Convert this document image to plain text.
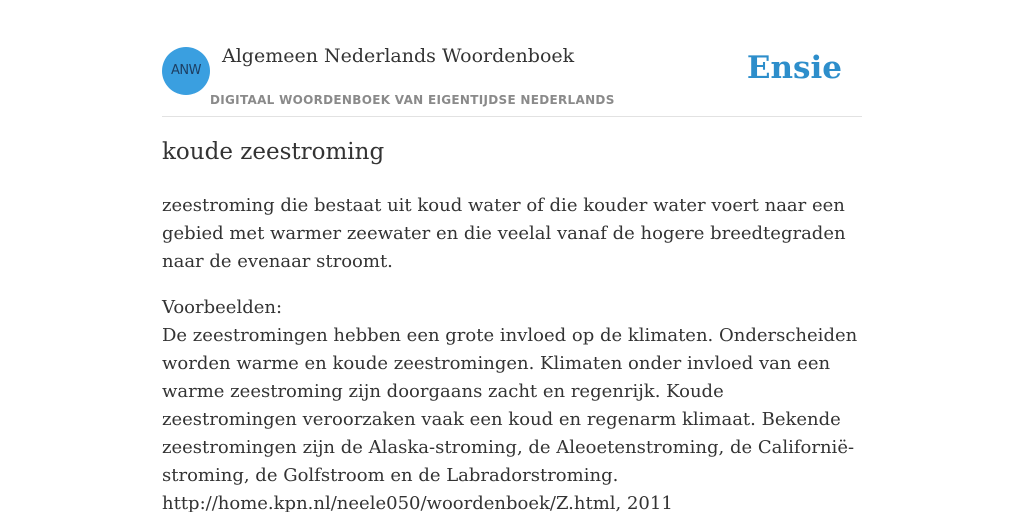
ANW
Algemeen Nederlands Woordenboek
DIGITAAL WOORDENBOEK VAN EIGENTIJDSE NEDERLANDS
Ensie
koude zeestroming

zeestroming die bestaat uit koud water of die kouder water voert naar een gebied met warmer zeewater en die veelal vanaf de hogere breedtegraden naar de evenaar stroomt.

Voorbeelden:

De zeestromingen hebben een grote invloed op de klimaten. Onderscheiden worden warme en koude zeestromingen. Klimaten onder invloed van een warme zeestroming zijn doorgaans zacht en regenrijk. Koude zeestromingen veroorzaken vaak een koud en regenarm klimaat. Bekende zeestromingen zijn de Alaska-stroming, de Aleoetenstroming, de Californië-stroming, de Golfstroom en de Labradorstroming.

http://home.kpn.nl/neele050/woordenboek/Z.html, 2011
